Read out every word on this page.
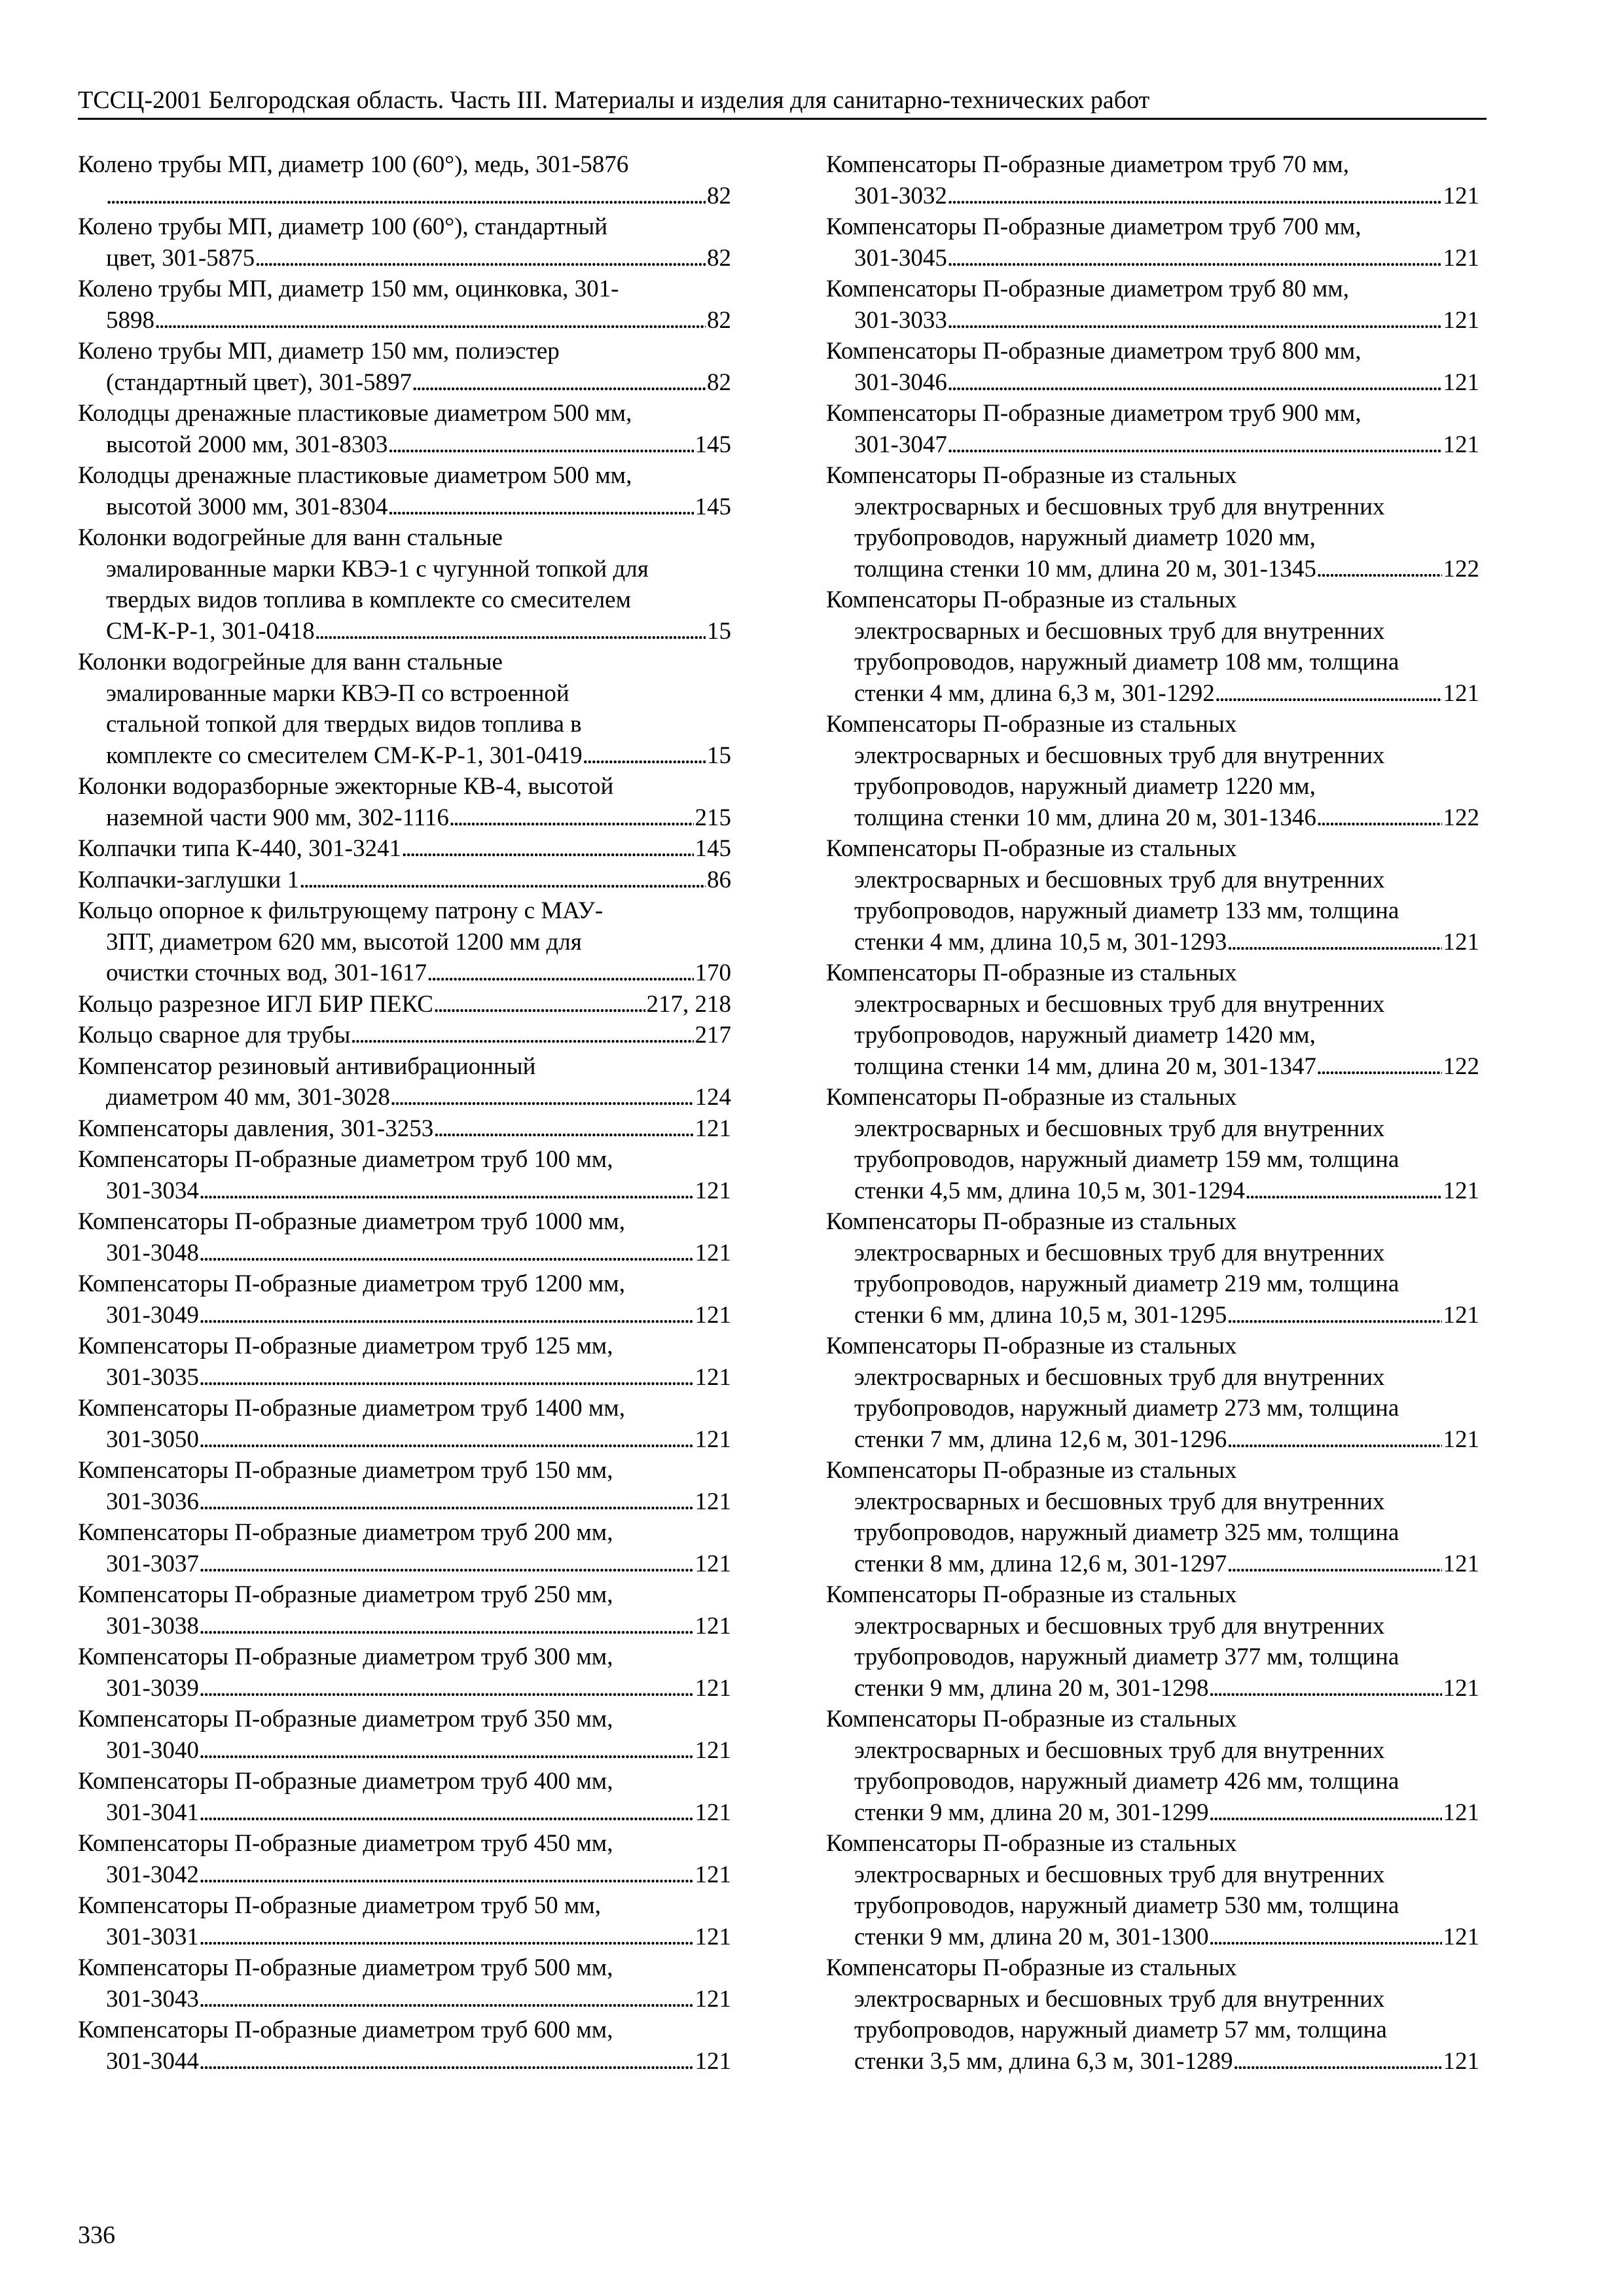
ТССЦ-2001 Белгородская область. Часть III. Материалы и изделия для санитарно-технических работ
Колено трубы МП, диаметр 100 (60°), медь, 301-5876
. . .
82
Колено трубы МП, диаметр 100 (60°), стандартный
цвет, 301-5875 . . .	82
Колено трубы МП, диаметр 150 мм, оцинковка, 301-
5898 . . .	82
Колено трубы МП, диаметр 150 мм, полиэстер
(стандартный цвет), 301-5897 . . .	82
Колодцы дренажные пластиковые диаметром 500 мм,
высотой 2000 мм, 301-8303 . . .	145
Колодцы дренажные пластиковые диаметром 500 мм,
высотой 3000 мм, 301-8304 . . .	145
Колонки водогрейные для ванн стальные
эмалированные марки КВЭ-1 с чугунной топкой для
твердых видов топлива в комплекте со смесителем
СМ-К-Р-1, 301-0418 . . .	15
Колонки водогрейные для ванн стальные
эмалированные марки КВЭ-П со встроенной
стальной топкой для твердых видов топлива в
комплекте со смесителем СМ-К-Р-1, 301-0419 . . .	15
Колонки водоразборные эжекторные КВ-4, высотой
наземной части 900 мм, 302-1116 . . .	215
Колпачки типа К-440, 301-3241 . . .	145
Колпачки-заглушки 1 . . .	86
Кольцо опорное к фильтрующему патрону с МАУ-
3ПТ, диаметром 620 мм, высотой 1200 мм для
очистки сточных вод, 301-1617 . . .	170
Кольцо разрезное ИГЛ БИР ПЕКС . . .	217, 218
Кольцо сварное для трубы . . .	217
Компенсатор резиновый антивибрационный
диаметром 40 мм, 301-3028 . . .	124
Компенсаторы давления, 301-3253 . . .	121
Компенсаторы П-образные диаметром труб 100 мм,
301-3034 . . .	121
Компенсаторы П-образные диаметром труб 1000 мм,
301-3048 . . .	121
Компенсаторы П-образные диаметром труб 1200 мм,
301-3049 . . .	121
Компенсаторы П-образные диаметром труб 125 мм,
301-3035 . . .	121
Компенсаторы П-образные диаметром труб 1400 мм,
301-3050 . . .	121
Компенсаторы П-образные диаметром труб 150 мм,
301-3036 . . .	121
Компенсаторы П-образные диаметром труб 200 мм,
301-3037 . . .	121
Компенсаторы П-образные диаметром труб 250 мм,
301-3038 . . .	121
Компенсаторы П-образные диаметром труб 300 мм,
301-3039 . . .	121
Компенсаторы П-образные диаметром труб 350 мм,
301-3040 . . .	121
Компенсаторы П-образные диаметром труб 400 мм,
301-3041 . . .	121
Компенсаторы П-образные диаметром труб 450 мм,
301-3042 . . .	121
Компенсаторы П-образные диаметром труб 50 мм,
301-3031 . . .	121
Компенсаторы П-образные диаметром труб 500 мм,
301-3043 . . .	121
Компенсаторы П-образные диаметром труб 600 мм,
301-3044 . . .	121
Компенсаторы П-образные диаметром труб 70 мм,
301-3032 . . .	121
Компенсаторы П-образные диаметром труб 700 мм,
301-3045 . . .	121
Компенсаторы П-образные диаметром труб 80 мм,
301-3033 . . .	121
Компенсаторы П-образные диаметром труб 800 мм,
301-3046 . . .	121
Компенсаторы П-образные диаметром труб 900 мм,
301-3047 . . .	121
Компенсаторы П-образные из стальных
электросварных и бесшовных труб для внутренних
трубопроводов, наружный диаметр 1020 мм,
толщина стенки 10 мм, длина 20 м, 301-1345 . . .	122
Компенсаторы П-образные из стальных
электросварных и бесшовных труб для внутренних
трубопроводов, наружный диаметр 108 мм, толщина
стенки 4 мм, длина 6,3 м, 301-1292 . . .	121
Компенсаторы П-образные из стальных
электросварных и бесшовных труб для внутренних
трубопроводов, наружный диаметр 1220 мм,
толщина стенки 10 мм, длина 20 м, 301-1346 . . .	122
Компенсаторы П-образные из стальных
электросварных и бесшовных труб для внутренних
трубопроводов, наружный диаметр 133 мм, толщина
стенки 4 мм, длина 10,5 м, 301-1293 . . .	121
Компенсаторы П-образные из стальных
электросварных и бесшовных труб для внутренних
трубопроводов, наружный диаметр 1420 мм,
толщина стенки 14 мм, длина 20 м, 301-1347 . . .	122
Компенсаторы П-образные из стальных
электросварных и бесшовных труб для внутренних
трубопроводов, наружный диаметр 159 мм, толщина
стенки 4,5 мм, длина 10,5 м, 301-1294 . . .	121
Компенсаторы П-образные из стальных
электросварных и бесшовных труб для внутренних
трубопроводов, наружный диаметр 219 мм, толщина
стенки 6 мм, длина 10,5 м, 301-1295 . . .	121
Компенсаторы П-образные из стальных
электросварных и бесшовных труб для внутренних
трубопроводов, наружный диаметр 273 мм, толщина
стенки 7 мм, длина 12,6 м, 301-1296 . . .	121
Компенсаторы П-образные из стальных
электросварных и бесшовных труб для внутренних
трубопроводов, наружный диаметр 325 мм, толщина
стенки 8 мм, длина 12,6 м, 301-1297 . . .	121
Компенсаторы П-образные из стальных
электросварных и бесшовных труб для внутренних
трубопроводов, наружный диаметр 377 мм, толщина
стенки 9 мм, длина 20 м, 301-1298 . . .	121
Компенсаторы П-образные из стальных
электросварных и бесшовных труб для внутренних
трубопроводов, наружный диаметр 426 мм, толщина
стенки 9 мм, длина 20 м, 301-1299 . . .	121
Компенсаторы П-образные из стальных
электросварных и бесшовных труб для внутренних
трубопроводов, наружный диаметр 530 мм, толщина
стенки 9 мм, длина 20 м, 301-1300 . . .	121
Компенсаторы П-образные из стальных
электросварных и бесшовных труб для внутренних
трубопроводов, наружный диаметр 57 мм, толщина
стенки 3,5 мм, длина 6,3 м, 301-1289 . . .	121
336
